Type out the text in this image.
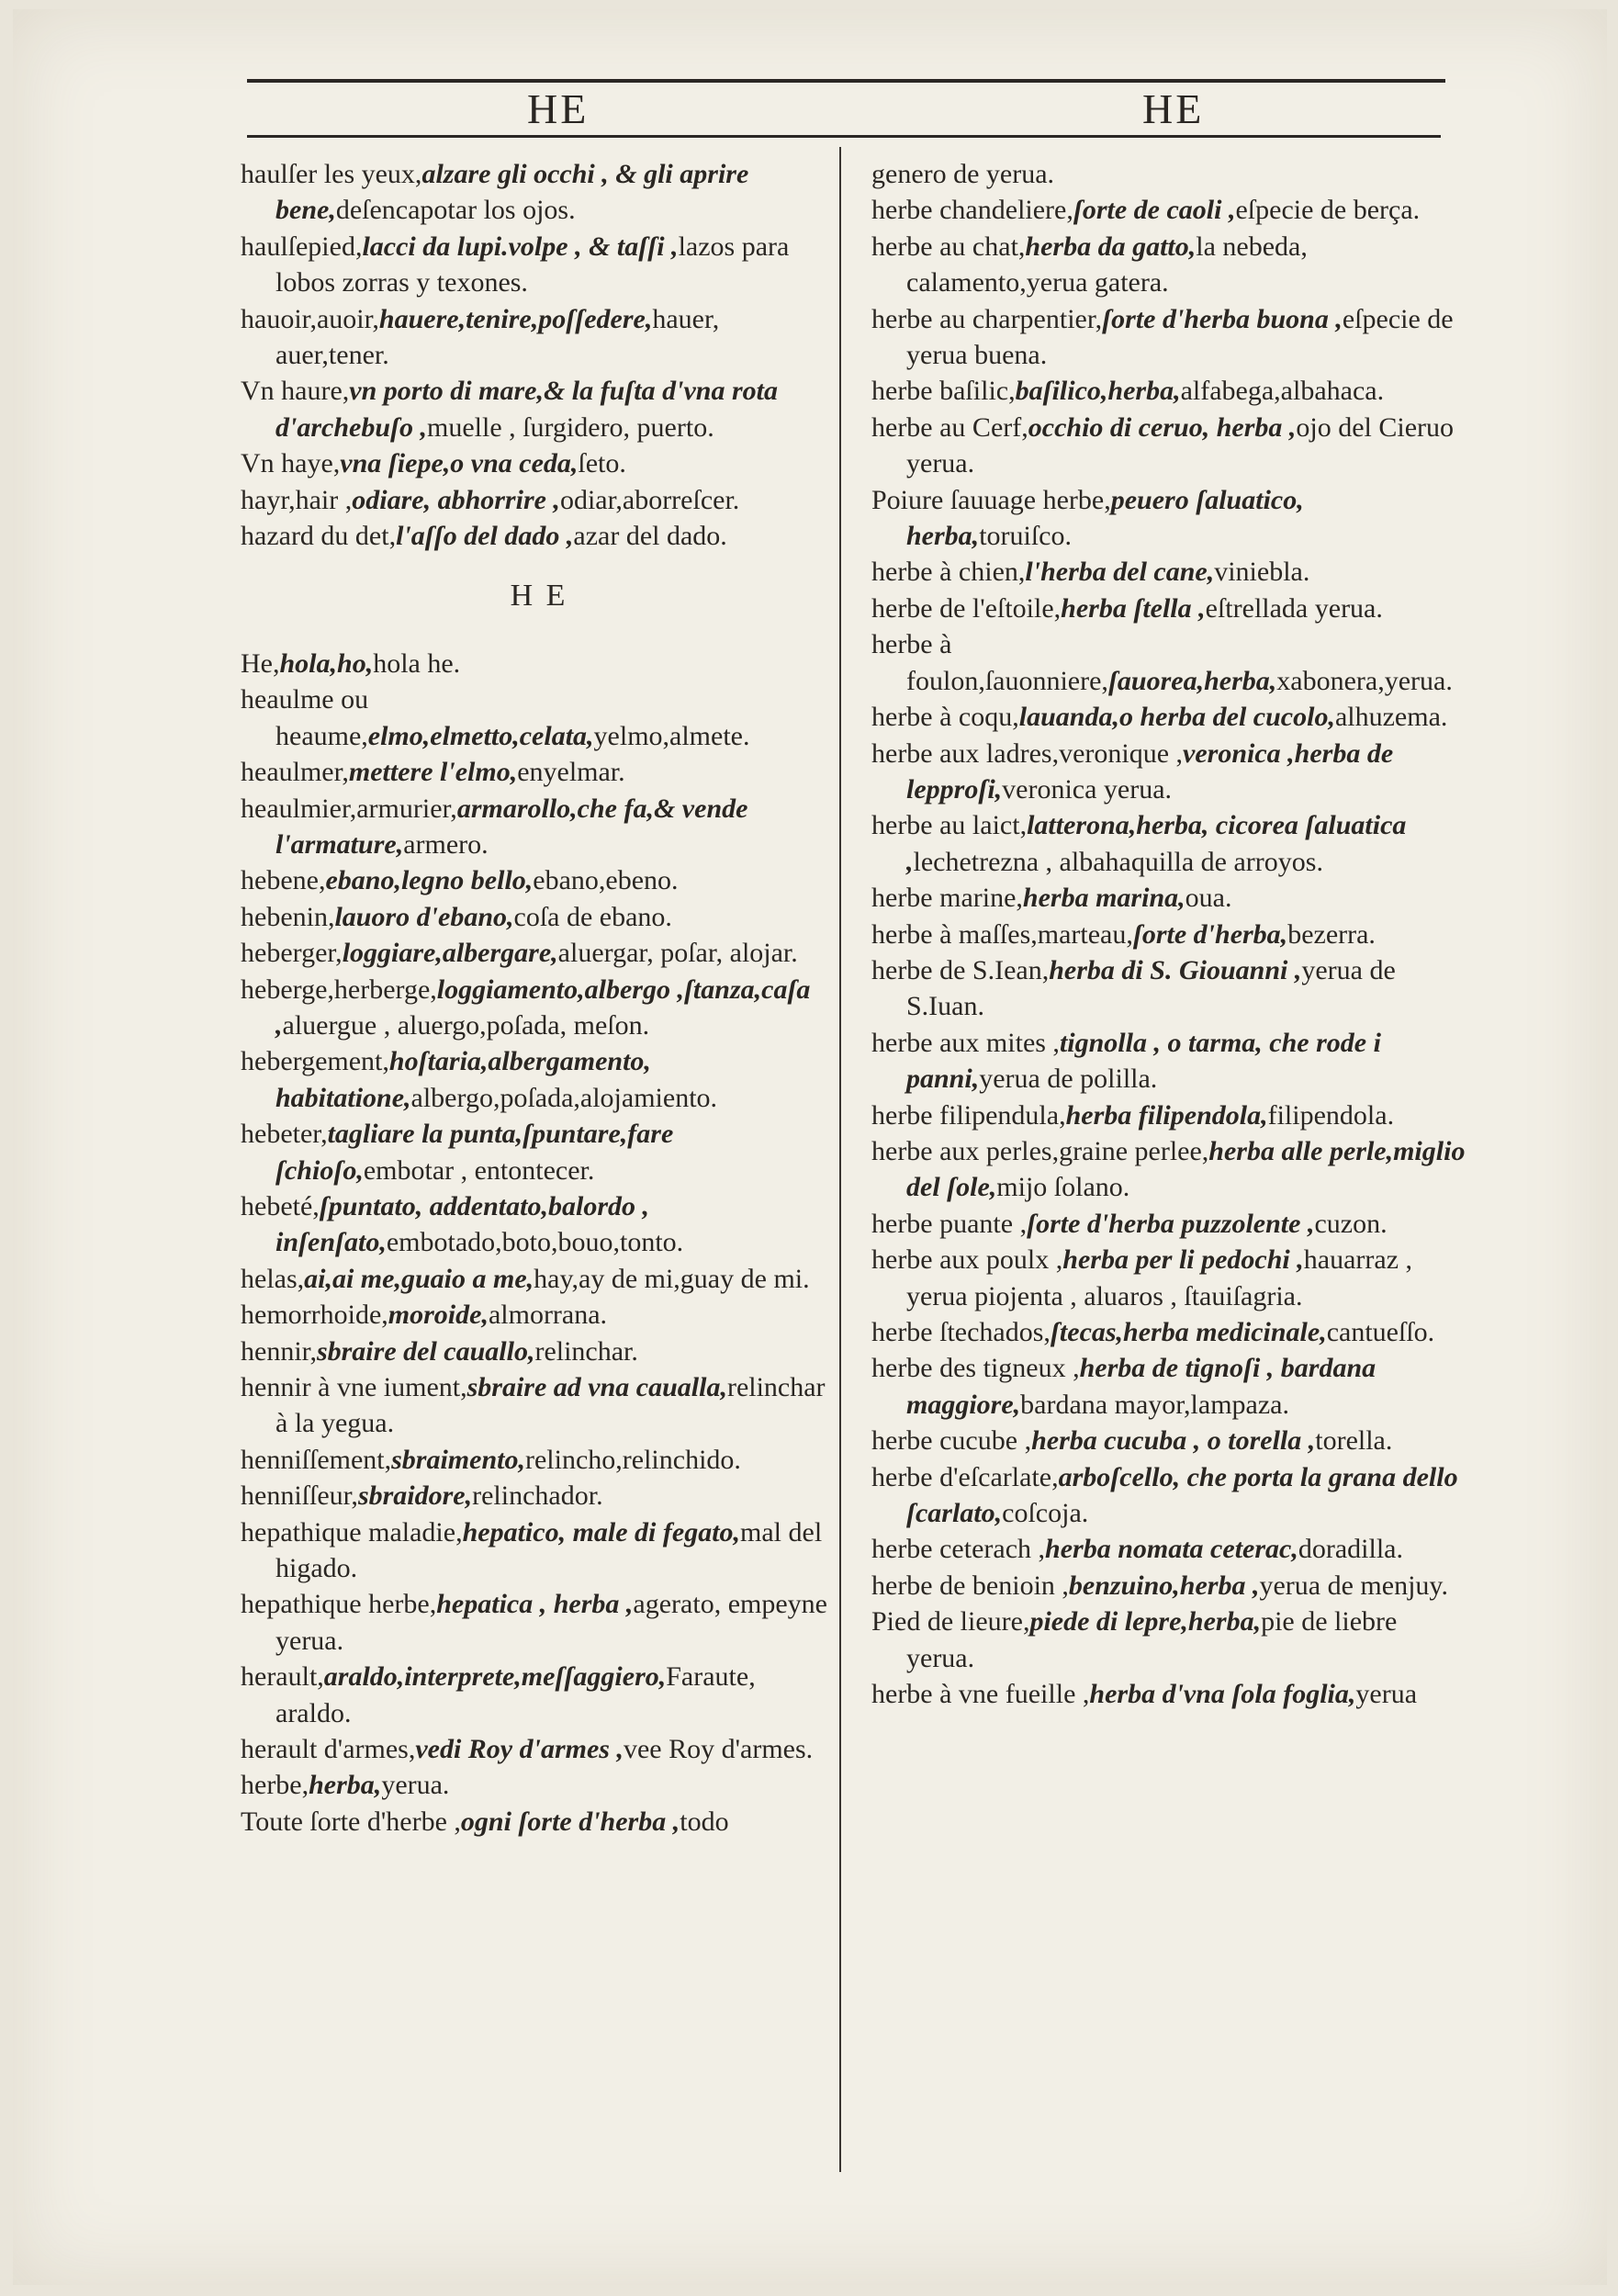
HE	HE

haulſer les yeux,alzare gli occhi , & gli aprire bene,deſencapotar los ojos.

haulſepied,lacci da lupi.volpe , & taſſi ,lazos para lobos zorras y texones.

hauoir,auoir,hauere,tenire,poſſedere,hauer, auer,tener.

Vn haure,vn porto di mare,& la fuſta d'vna rota d'archebuſo ,muelle , ſurgidero, puerto.

Vn haye,vna ſiepe,o vna ceda,ſeto.

hayr,hair ,odiare, abhorrire ,odiar,aborreſcer.

hazard du det,l'aſſo del dado ,azar del dado.

H E

He,hola,ho,hola he.

heaulme ou heaume,elmo,elmetto,celata,yelmo,almete.

heaulmer,mettere l'elmo,enyelmar.

heaulmier,armurier,armarollo,che fa,& vende l'armature,armero.

hebene,ebano,legno bello,ebano,ebeno.

hebenin,lauoro d'ebano,coſa de ebano.

heberger,loggiare,albergare,aluergar, poſar, alojar.

heberge,herberge,loggiamento,albergo ,ſtanza,caſa ,aluergue , aluergo,poſada, meſon.

hebergement,hoſtaria,albergamento, habitatione,albergo,poſada,alojamiento.

hebeter,tagliare la punta,ſpuntare,fare ſchioſo,embotar , entontecer.

hebeté,ſpuntato, addentato,balordo , inſenſato,embotado,boto,bouo,tonto.

helas,ai,ai me,guaio a me,hay,ay de mi,guay de mi.

hemorrhoide,moroide,almorrana.

hennir,sbraire del cauallo,relinchar.

hennir à vne iument,sbraire ad vna caualla,relinchar à la yegua.

henniſſement,sbraimento,relincho,relinchido.

henniſſeur,sbraidore,relinchador.

hepathique maladie,hepatico, male di fegato,mal del higado.

hepathique herbe,hepatica , herba ,agerato, empeyne yerua.

herault,araldo,interprete,meſſaggiero,Faraute, araldo.

herault d'armes,vedi Roy d'armes ,vee Roy d'armes.

herbe,herba,yerua.

Toute ſorte d'herbe ,ogni ſorte d'herba ,todo

genero de yerua.

herbe chandeliere,ſorte de caoli ,eſpecie de berça.

herbe au chat,herba da gatto,la nebeda, calamento,yerua gatera.

herbe au charpentier,ſorte d'herba buona ,eſpecie de yerua buena.

herbe baſilic,baſilico,herba,alfabega,albahaca.

herbe au Cerf,occhio di ceruo, herba ,ojo del Cieruo yerua.

Poiure ſauuage herbe,peuero ſaluatico, herba,toruiſco.

herbe à chien,l'herba del cane,viniebla.

herbe de l'eſtoile,herba ſtella ,eſtrellada yerua.

herbe à foulon,ſauonniere,ſauorea,herba,xabonera,yerua.

herbe à coqu,lauanda,o herba del cucolo,alhuzema.

herbe aux ladres,veronique ,veronica ,herba de lepproſi,veronica yerua.

herbe au laict,latterona,herba, cicorea ſaluatica ,lechetrezna , albahaquilla de arroyos.

herbe marine,herba marina,oua.

herbe à maſſes,marteau,ſorte d'herba,bezerra.

herbe de S.Iean,herba di S. Giouanni ,yerua de S.Iuan.

herbe aux mites ,tignolla , o tarma, che rode i panni,yerua de polilla.

herbe filipendula,herba filipendola,filipendola.

herbe aux perles,graine perlee,herba alle perle,miglio del ſole,mijo ſolano.

herbe puante ,ſorte d'herba puzzolente ,cuzon.

herbe aux poulx ,herba per li pedochi ,hauarraz , yerua piojenta , aluaros , ſtauiſagria.

herbe ſtechados,ſtecas,herba medicinale,cantueſſo.

herbe des tigneux ,herba de tignoſi , bardana maggiore,bardana mayor,lampaza.

herbe cucube ,herba cucuba , o torella ,torella.

herbe d'eſcarlate,arboſcello, che porta la grana dello ſcarlato,coſcoja.

herbe ceterach ,herba nomata ceterac,doradilla.

herbe de benioin ,benzuino,herba ,yerua de menjuy.

Pied de lieure,piede di lepre,herba,pie de liebre yerua.

herbe à vne fueille ,herba d'vna ſola foglia,yerua
